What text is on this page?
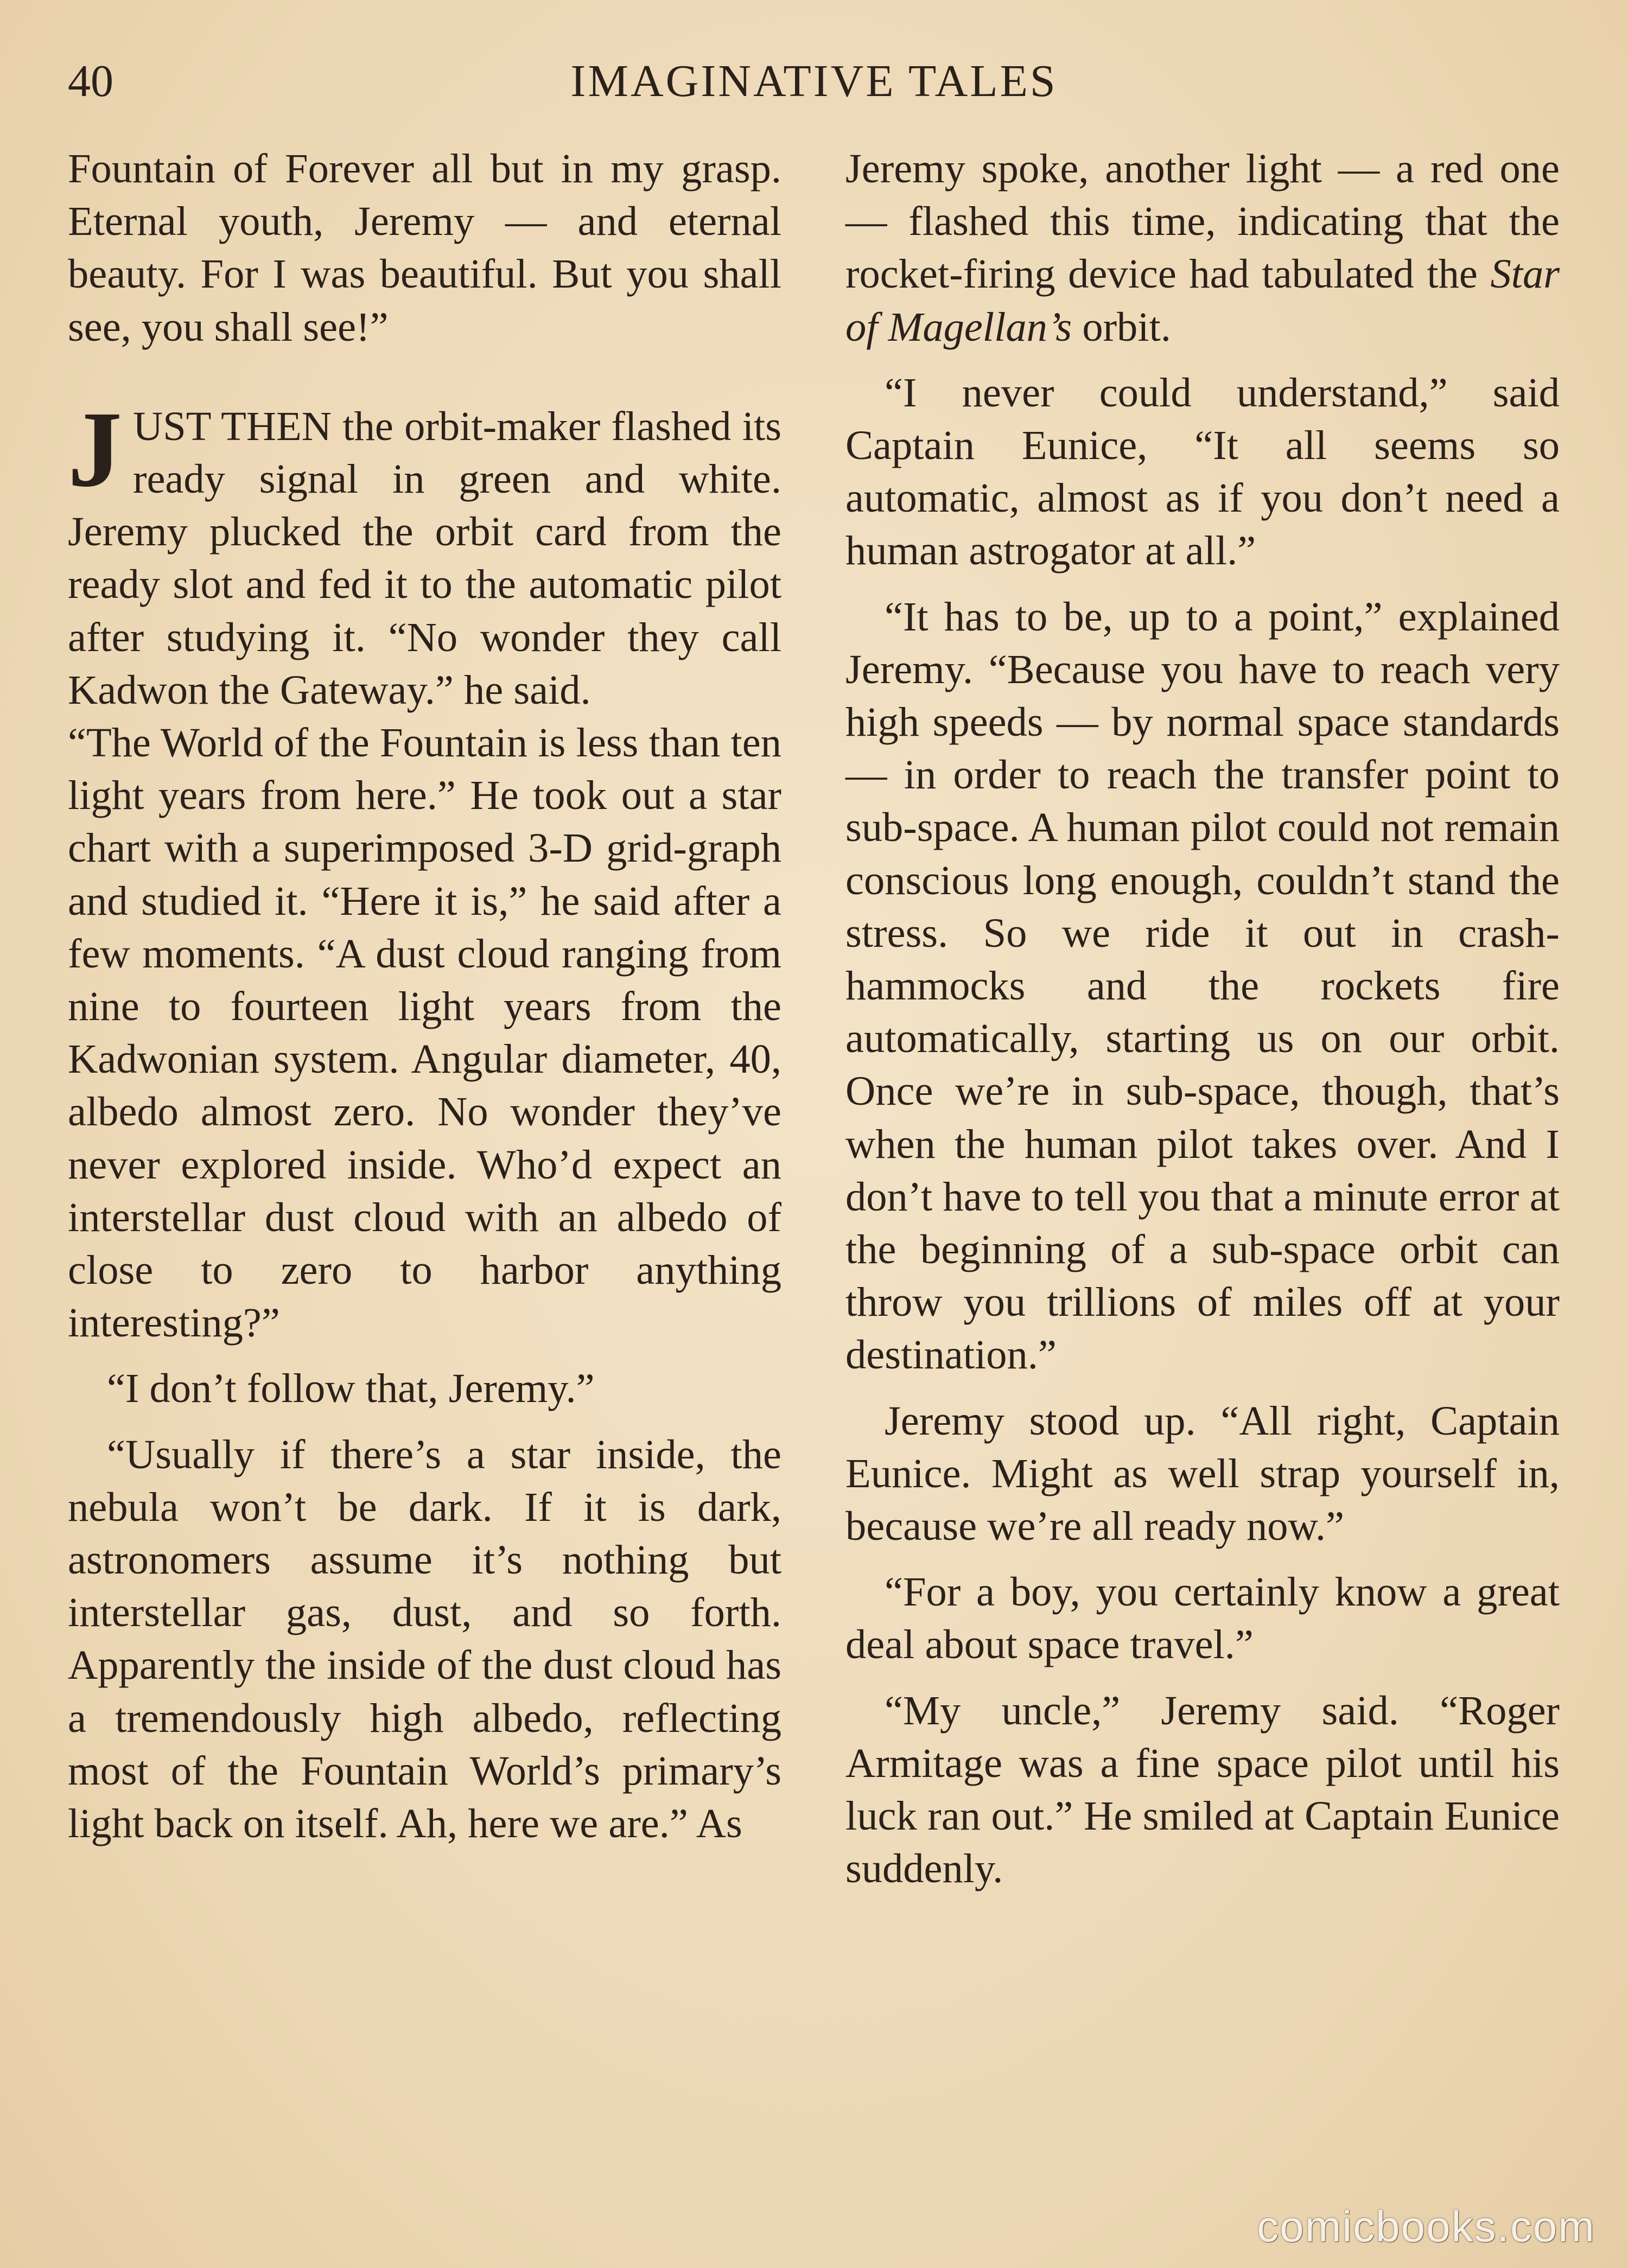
40	IMAGINATIVE TALES

Fountain of Forever all but in my grasp. Eternal youth, Jeremy — and eternal beauty. For I was beautiful. But you shall see, you shall see!”

JUST THEN the orbit-maker flashed its ready signal in green and white. Jeremy plucked the orbit card from the ready slot and fed it to the automatic pilot after studying it. “No wonder they call Kadwon the Gateway.” he said.

“The World of the Fountain is less than ten light years from here.” He took out a star chart with a superimposed 3-D grid-graph and studied it. “Here it is,” he said after a few moments. “A dust cloud ranging from nine to fourteen light years from the Kadwonian system. Angular diameter, 40, albedo almost zero. No wonder they’ve never explored inside. Who’d expect an interstellar dust cloud with an albedo of close to zero to harbor anything interesting?”

“I don’t follow that, Jeremy.”

“Usually if there’s a star inside, the nebula won’t be dark. If it is dark, astronomers assume it’s nothing but interstellar gas, dust, and so forth. Apparently the inside of the dust cloud has a tremendously high albedo, reflecting most of the Fountain World’s primary’s light back on itself. Ah, here we are.” As

Jeremy spoke, another light — a red one — flashed this time, indicating that the rocket-firing device had tabulated the Star of Magellan’s orbit.

“I never could understand,” said Captain Eunice, “It all seems so automatic, almost as if you don’t need a human astrogator at all.”

“It has to be, up to a point,” explained Jeremy. “Because you have to reach very high speeds — by normal space standards — in order to reach the transfer point to sub-space. A human pilot could not remain conscious long enough, couldn’t stand the stress. So we ride it out in crash-hammocks and the rockets fire automatically, starting us on our orbit. Once we’re in sub-space, though, that’s when the human pilot takes over. And I don’t have to tell you that a minute error at the beginning of a sub-space orbit can throw you trillions of miles off at your destination.”

Jeremy stood up. “All right, Captain Eunice. Might as well strap yourself in, because we’re all ready now.”

“For a boy, you certainly know a great deal about space travel.”

“My uncle,” Jeremy said. “Roger Armitage was a fine space pilot until his luck ran out.” He smiled at Captain Eunice suddenly.

comicbooks.com
